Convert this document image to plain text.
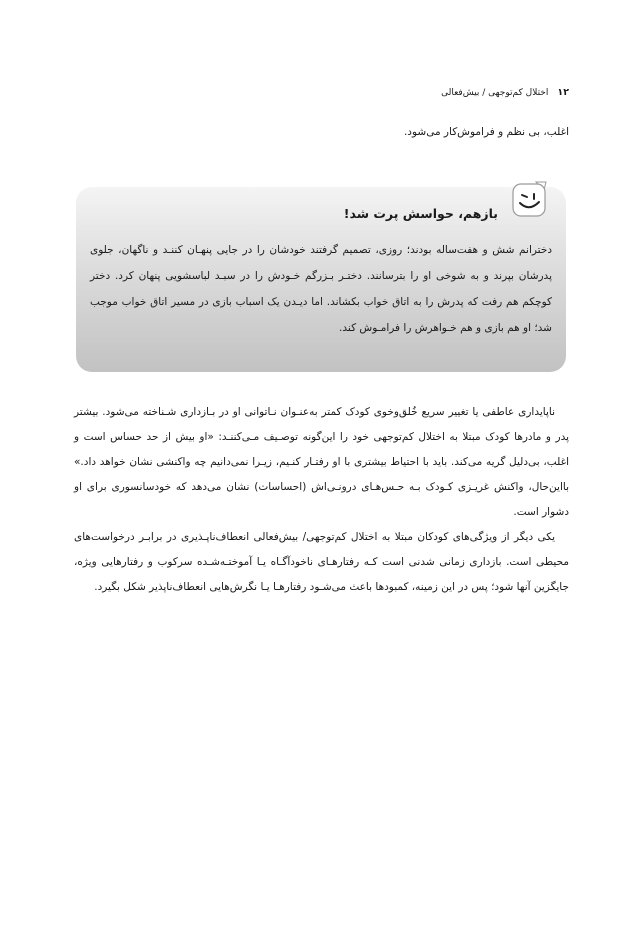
۱۲ اختلال کم‌توجهی / بیش‌فعالی
اغلب، بی نظم و فراموش‌کار می‌شود.
بازهم، حواسش پرت شد!
دخترانم شش و هفت‌ساله بودند؛ روزی، تصمیم گرفتند خودشان را در جایی پنهـان کننـد و ناگهان، جلوی پدرشان بپرند و به شوخی او را بترسانند. دختـر بـزرگم خـودش را در سبـد لباسشویی پنهان کرد. دختر کوچکم هم رفت که پدرش را به اتاق خواب بکشاند. اما دیـدن یک اسباب بازی در مسیر اتاق خواب موجب شد؛ او هم بازی و هم خـواهرش را فرامـوش کند.

ناپایداری عاطفی یا تغییر سریع خُلق‌وخوی کودک کمتر به‌عنـوان نـاتوانی او در بـازداری شـناخته می‌شود. بیشتر پدر و مادرها کودک مبتلا به اختلال کم‌توجهی خود را این‌گونه توصـیف مـی‌کننـد: «او بیش از حد حساس است و اغلب، بی‌دلیل گریه می‌کند. باید با احتیاط بیشتری با او رفتـار کنـیم، زیـرا نمی‌دانیم چه واکنشی نشان خواهد داد.» بااین‌حال، واکنش غریـزی کـودک بـه حـس‌هـای درونـی‌اش (احساسات) نشان می‌دهد که خودسانسوری برای او دشوار است.

یکی دیگر از ویژگی‌های کودکان مبتلا به اختلال کم‌توجهی/ بیش‌فعالی انعطاف‌ناپـذیری در برابـر درخواست‌های محیطی است. بازداری زمانی شدنی است کـه رفتارهـای ناخودآگـاه یـا آموختـه‌شـده سرکوب و رفتارهایی ویژه، جایگزین آنها شود؛ پس در این زمینه، کمبودها باعث می‌شـود رفتارهـا یـا نگرش‌هایی انعطاف‌ناپذیر شکل بگیرد.
